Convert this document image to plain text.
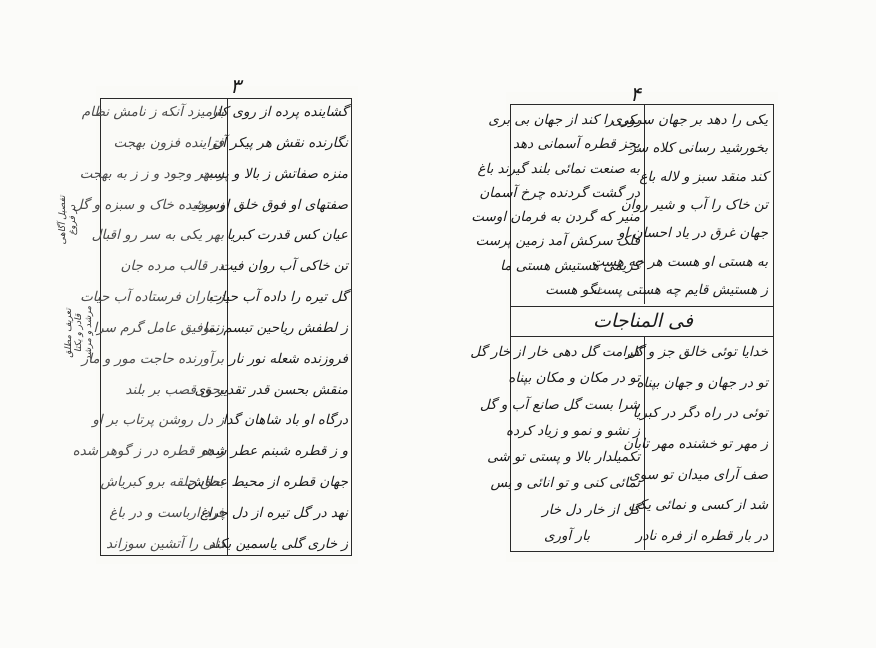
۳
گشاینده پرده از روی کار
نگارنده نقش هر پیکر آن
منزه صفاتش ز بالا و پست
صفتهای او فوق خلق اوست
عیان کس قدرت کبریا
تن خاکی آب روان فیت
گل تیره را داده آب حیات
ز لطفش ریاحین تبسم نما
فروزنده شعله نور نار
منقش بحسن قدر تقدیر وی
درگاه او باد شاهان گدا
و ز قطره شبنم عطر شده
جهان قطره از محیط عطاش
نهد در گل تیره از دل چراغ
ز خاری گلی یاسمین بکند
بنامیزد آنکه ز نامش نظام
فزاینده فزون بهجت
ز بهر وجود و ز ز به بهجت
ز روئیده خاک و سبزه و گل
بهر یکی به سر رو اقبال
در قالب مرده جان
ز باران فرستاده آب حیات
ز توفیق عامل گرم سرا
برآورنده حاجت مور و مار
بحق قصب بر بلند
ز دل روشن پرتاب بر او
ز هر قطره در ز گوهر شده
بحق حلقه برو کبریاش
فرد ارباست و در باغ
دلی را آتشین سوزاند
تفصیل آگاهی
در فروغ
تعریف مطلق
قادر و یکتا
مرشد و مرشد
۴
فی المناجات
یکی را دهد بر جهان سروری
بخورشید رسانی کلاه سر
کند منقد سبز و لاله باغ
تن خاک را آب و شیر روان
جهان غرق در یاد احسان او
به هستی او هست هر چه هست
ز هستیش قایم چه هستی پست
یکی را کند از جهان بی بری
بجز قطره آسمانی دهد
به صنعت نمائی بلند گیرند باغ
در گشت گردنده چرخ آسمان
منیر که گردن به فرمان اوست
فلک سرکش آمد زمین پرست
کریمی هستیش هستی ما
نگو هست
خدایا توئی خالق جز و گل
تو در جهان و جهان بپناه
توئی در راه دگر در کبریا
ز مهر تو خشنده مهر تابان
صف آرای میدان تو سوی
شد از کسی و نمائی یکی
در بار قطره از فره نادر
کرامت گل دهی خار از خار گل
تو در مکان و مکان بپناه
شرا بست گل صانع آب و گل
ز نشو و نمو و زیاد کرده
تکمیلدار بالا و پستی تو شی
نمائی کنی و تو انائی و بس
گل از خار دل خار
بار آوری
